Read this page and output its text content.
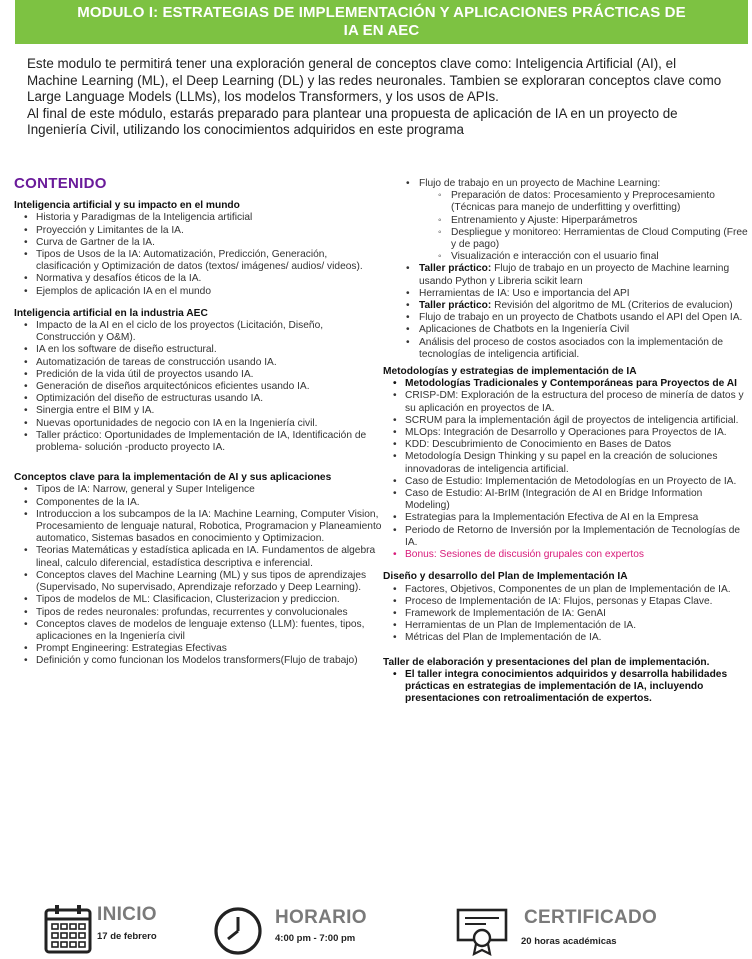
MODULO I: ESTRATEGIAS DE IMPLEMENTACIÓN Y APLICACIONES PRÁCTICAS DE
IA EN AEC

Este modulo te permitirá tener una exploración general de conceptos clave como: Inteligencia Artificial (AI), el Machine Learning (ML), el Deep Learning (DL) y las redes neuronales. Tambien se exploraran conceptos clave como Large Language Models (LLMs), los modelos Transformers, y los usos de APIs.

Al final de este módulo, estarás preparado para plantear una propuesta de aplicación de IA en un proyecto de Ingeniería Civil, utilizando los conocimientos adquiridos en este programa

CONTENIDO
Inteligencia artificial y su impacto en el mundo
• Historia y Paradigmas de la Inteligencia artificial
• Proyección y Limitantes de la IA.
• Curva de Gartner de la IA.
• Tipos de Usos de la IA: Automatización, Predicción, Generación, clasificación y Optimización de datos (textos/ imágenes/ audios/ videos).
• Normativa y desafíos éticos de la IA.
• Ejemplos de aplicación IA en el mundo
Inteligencia artificial en la industria AEC
• Impacto de la AI en el ciclo de los proyectos (Licitación, Diseño, Construcción y O&M).
• IA en los software de diseño estructural.
• Automatización de tareas de construcción usando IA.
• Predición de la vida útil de proyectos usando IA.
• Generación de diseños arquitectónicos eficientes usando IA.
• Optimización del diseño de estructuras usando IA.
• Sinergia entre el BIM y IA.
• Nuevas oportunidades de negocio con IA en la Ingeniería civil.
• Taller práctico: Oportunidades de Implementación de IA, Identificación de problema- solución -producto proyecto IA.
Conceptos clave para la implementación de AI y sus aplicaciones
• Tipos de IA: Narrow, general y Super Inteligence
• Componentes de la IA.
• Introduccion a los subcampos de la IA: Machine Learning, Computer Vision, Procesamiento de lenguaje natural, Robotica, Programacion y Planeamiento automatico, Sistemas basados en conocimiento y Optimizacion.
• Teorias Matemáticas y estadística aplicada en IA. Fundamentos de algebra lineal, calculo diferencial, estadística descriptiva e inferencial.
• Conceptos claves del Machine Learning (ML) y sus tipos de aprendizajes (Supervisado, No supervisado, Aprendizaje reforzado y Deep Learning).
• Tipos de modelos de ML: Clasificacion, Clusterizacion y prediccion.
• Tipos de redes neuronales: profundas, recurrentes y convolucionales
• Conceptos claves de modelos de lenguaje extenso (LLM): fuentes, tipos, aplicaciones en la Ingeniería civil
• Prompt Engineering: Estrategias Efectivas
• Definición y como funcionan los Modelos transformers(Flujo de trabajo)
• Flujo de trabajo en un proyecto de Machine Learning:
◦ Preparación de datos: Procesamiento y Preprocesamiento (Técnicas para manejo de underfitting y overfitting)
◦ Entrenamiento y Ajuste: Hiperparámetros
◦ Despliegue y monitoreo: Herramientas de Cloud Computing (Free y de pago)
◦ Visualización e interacción con el usuario final
• Taller práctico: Flujo de trabajo en un proyecto de Machine learning usando Python y Libreria scikit learn
• Herramientas de IA: Uso e importancia del API
• Taller práctico: Revisión del algoritmo de ML (Criterios de evalucion)
• Flujo de trabajo en un proyecto de Chatbots usando el API del Open IA.
• Aplicaciones de Chatbots en la Ingeniería Civil
• Análisis del proceso de costos asociados con la implementación de tecnologías de inteligencia artificial.
Metodologías y estrategias de implementación de IA
• Metodologías Tradicionales y Contemporáneas para Proyectos de AI
• CRISP-DM: Exploración de la estructura del proceso de minería de datos y su aplicación en proyectos de IA.
• SCRUM para la implementación ágil de proyectos de inteligencia artificial.
• MLOps: Integración de Desarrollo y Operaciones para Proyectos de IA.
• KDD: Descubrimiento de Conocimiento en Bases de Datos
• Metodología Design Thinking y su papel en la creación de soluciones innovadoras de inteligencia artificial.
• Caso de Estudio: Implementación de Metodologías en un Proyecto de IA.
• Caso de Estudio: AI-BrIM (Integración de AI en Bridge Information Modeling)
• Estrategias para la Implementación Efectiva de AI en la Empresa
• Periodo de Retorno de Inversión por la Implementación de Tecnologías de IA.
• Bonus: Sesiones de discusión grupales con expertos
Diseño y desarrollo del Plan de Implementación IA
• Factores, Objetivos, Componentes de un plan de Implementación de IA.
• Proceso de Implementación de IA: Flujos, personas y Etapas Clave.
• Framework de Implementación de IA: GenAI
• Herramientas de un Plan de Implementación de IA.
• Métricas del Plan de Implementación de IA.
Taller de elaboración y presentaciones del plan de implementación.
• El taller integra conocimientos adquiridos y desarrolla habilidades prácticas en estrategias de implementación de IA, incluyendo presentaciones con retroalimentación de expertos.
INICIO
17 de febrero
HORARIO
4:00 pm - 7:00 pm
CERTIFICADO
20 horas académicas
